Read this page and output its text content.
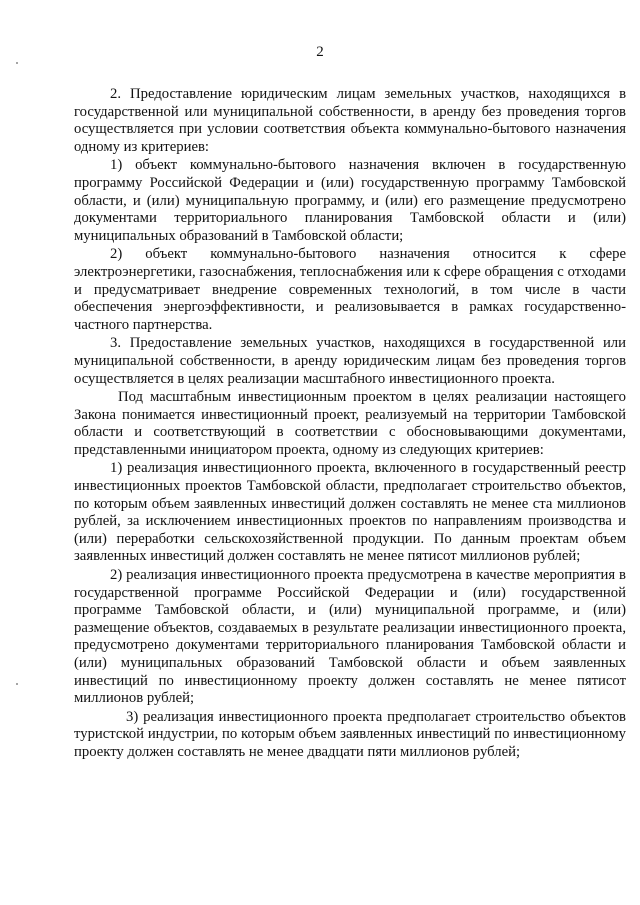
2

2. Предоставление юридическим лицам земельных участков, находящихся в государственной или муниципальной собственности, в аренду без проведения торгов осуществляется при условии соответствия объекта коммунально-бытового назначения одному из критериев:

1) объект коммунально-бытового назначения включен в государственную программу Российской Федерации и (или) государственную программу Тамбовской области, и (или) муниципальную программу, и (или) его размещение предусмотрено документами территориального планирования Тамбовской области и (или) муниципальных образований в Тамбовской области;

2) объект коммунально-бытового назначения относится к сфере электроэнергетики, газоснабжения, теплоснабжения или к сфере обращения с отходами и предусматривает внедрение современных технологий, в том числе в части обеспечения энергоэффективности, и реализовывается в рамках государственно-частного партнерства.

3. Предоставление земельных участков, находящихся в государственной или муниципальной собственности, в аренду юридическим лицам без проведения торгов осуществляется в целях реализации масштабного инвестиционного проекта.

Под масштабным инвестиционным проектом в целях реализации настоящего Закона понимается инвестиционный проект, реализуемый на территории Тамбовской области и соответствующий в соответствии с обосновывающими документами, представленными инициатором проекта, одному из следующих критериев:

1) реализация инвестиционного проекта, включенного в государственный реестр инвестиционных проектов Тамбовской области, предполагает строительство объектов, по которым объем заявленных инвестиций должен составлять не менее ста миллионов рублей, за исключением инвестиционных проектов по направлениям производства и (или) переработки сельскохозяйственной продукции. По данным проектам объем заявленных инвестиций должен составлять не менее пятисот миллионов рублей;

2) реализация инвестиционного проекта предусмотрена в качестве мероприятия в государственной программе Российской Федерации и (или) государственной программе Тамбовской области, и (или) муниципальной программе, и (или) размещение объектов, создаваемых в результате реализации инвестиционного проекта, предусмотрено документами территориального планирования Тамбовской области и (или) муниципальных образований Тамбовской области и объем заявленных инвестиций по инвестиционному проекту должен составлять не менее пятисот миллионов рублей;

3) реализация инвестиционного проекта предполагает строительство объектов туристской индустрии, по которым объем заявленных инвестиций по инвестиционному проекту должен составлять не менее двадцати пяти миллионов рублей;
